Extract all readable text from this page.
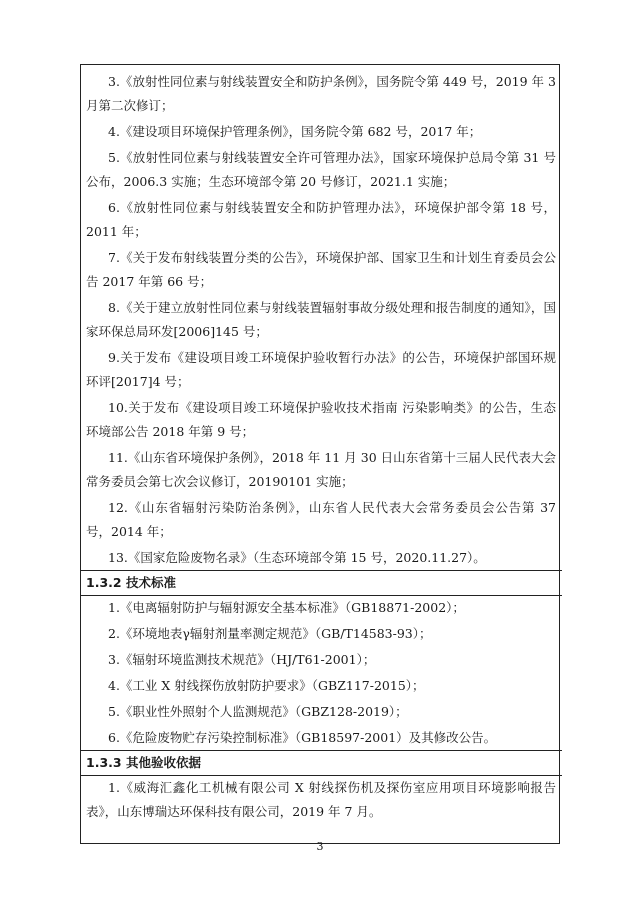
3.《放射性同位素与射线装置安全和防护条例》，国务院令第 449 号，2019 年 3 月第二次修订；

4.《建设项目环境保护管理条例》，国务院令第 682 号，2017 年；

5.《放射性同位素与射线装置安全许可管理办法》，国家环境保护总局令第 31 号公布，2006.3 实施；生态环境部令第 20 号修订，2021.1 实施；

6.《放射性同位素与射线装置安全和防护管理办法》，环境保护部令第 18 号，2011 年；

7.《关于发布射线装置分类的公告》，环境保护部、国家卫生和计划生育委员会公告 2017 年第 66 号；

8.《关于建立放射性同位素与射线装置辐射事故分级处理和报告制度的通知》，国家环保总局环发[2006]145 号；

9.关于发布《建设项目竣工环境保护验收暂行办法》的公告，环境保护部国环规环评[2017]4 号；

10.关于发布《建设项目竣工环境保护验收技术指南 污染影响类》的公告，生态环境部公告 2018 年第 9 号；

11.《山东省环境保护条例》，2018 年 11 月 30 日山东省第十三届人民代表大会常务委员会第七次会议修订，20190101 实施；

12.《山东省辐射污染防治条例》，山东省人民代表大会常务委员会公告第 37 号，2014 年；

13.《国家危险废物名录》（生态环境部令第 15 号，2020.11.27）。

1.3.2 技术标准

1.《电离辐射防护与辐射源安全基本标准》（GB18871-2002）；

2.《环境地表γ辐射剂量率测定规范》（GB/T14583-93）；

3.《辐射环境监测技术规范》（HJ/T61-2001）；

4.《工业 X 射线探伤放射防护要求》（GBZ117-2015）；

5.《职业性外照射个人监测规范》（GBZ128-2019）；

6.《危险废物贮存污染控制标准》（GB18597-2001）及其修改公告。

1.3.3 其他验收依据

1.《威海汇鑫化工机械有限公司 X 射线探伤机及探伤室应用项目环境影响报告表》，山东博瑞达环保科技有限公司，2019 年 7 月。

3
